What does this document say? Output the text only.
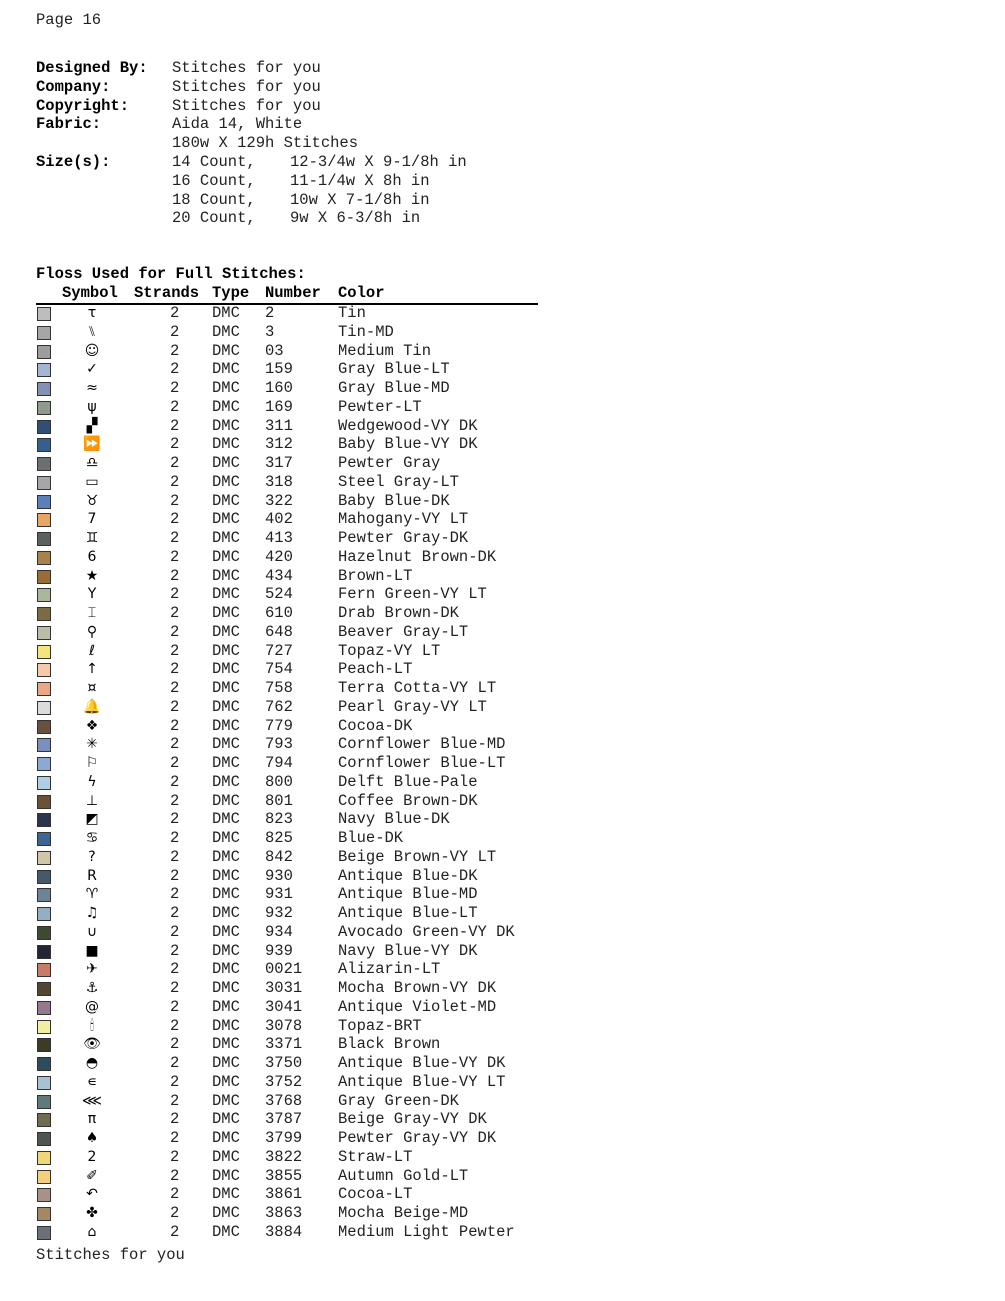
Page 16
Designed By:	Stitches for you
Company:	Stitches for you
Copyright:	Stitches for you
Fabric:	Aida 14, White
180w X 129h Stitches
Size(s):	14 Count,	12-3/4w X 9-1/8h in
16 Count,	11-1/4w X 8h in
18 Count,	10w X 7-1/8h in
20 Count,	9w X 6-3/8h in
Floss Used for Full Stitches:
Symbol Strands Type Number Color
τ	2 DMC 2	Tin
⑊	2 DMC 3	Tin-MD
☺	2 DMC 03	Medium Tin
✓	2 DMC 159	Gray Blue-LT
≈	2 DMC 160	Gray Blue-MD
ψ	2 DMC 169	Pewter-LT
▞	2 DMC 311	Wedgewood-VY DK
⏩	2 DMC 312	Baby Blue-VY DK
♎	2 DMC 317	Pewter Gray
▭	2 DMC 318	Steel Gray-LT
♉	2 DMC 322	Baby Blue-DK
7	2 DMC 402	Mahogany-VY LT
♊	2 DMC 413	Pewter Gray-DK
6	2 DMC 420	Hazelnut Brown-DK
★	2 DMC 434	Brown-LT
Y	2 DMC 524	Fern Green-VY LT
⌶	2 DMC 610	Drab Brown-DK
⚲	2 DMC 648	Beaver Gray-LT
ℓ	2 DMC 727	Topaz-VY LT
↑	2 DMC 754	Peach-LT
¤	2 DMC 758	Terra Cotta-VY LT
🔔	2 DMC 762	Pearl Gray-VY LT
❖	2 DMC 779	Cocoa-DK
✳	2 DMC 793	Cornflower Blue-MD
⚐	2 DMC 794	Cornflower Blue-LT
ϟ	2 DMC 800	Delft Blue-Pale
⊥	2 DMC 801	Coffee Brown-DK
◩	2 DMC 823	Navy Blue-DK
♋	2 DMC 825	Blue-DK
?	2 DMC 842	Beige Brown-VY LT
R	2 DMC 930	Antique Blue-DK
♈	2 DMC 931	Antique Blue-MD
♫	2 DMC 932	Antique Blue-LT
∪	2 DMC 934	Avocado Green-VY DK
■	2 DMC 939	Navy Blue-VY DK
✈	2 DMC 0021 Alizarin-LT
⚓	2 DMC 3031 Mocha Brown-VY DK
@	2 DMC 3041 Antique Violet-MD
🕯	2 DMC 3078 Topaz-BRT
👁	2 DMC 3371 Black Brown
◓	2 DMC 3750 Antique Blue-VY DK
∊	2 DMC 3752 Antique Blue-VY LT
⋘	2 DMC 3768 Gray Green-DK
π	2 DMC 3787 Beige Gray-VY DK
♠	2 DMC 3799 Pewter Gray-VY DK
2	2 DMC 3822 Straw-LT
✐	2 DMC 3855 Autumn Gold-LT
↶	2 DMC 3861 Cocoa-LT
✤	2 DMC 3863 Mocha Beige-MD
⌂	2 DMC 3884 Medium Light Pewter
Stitches for you
